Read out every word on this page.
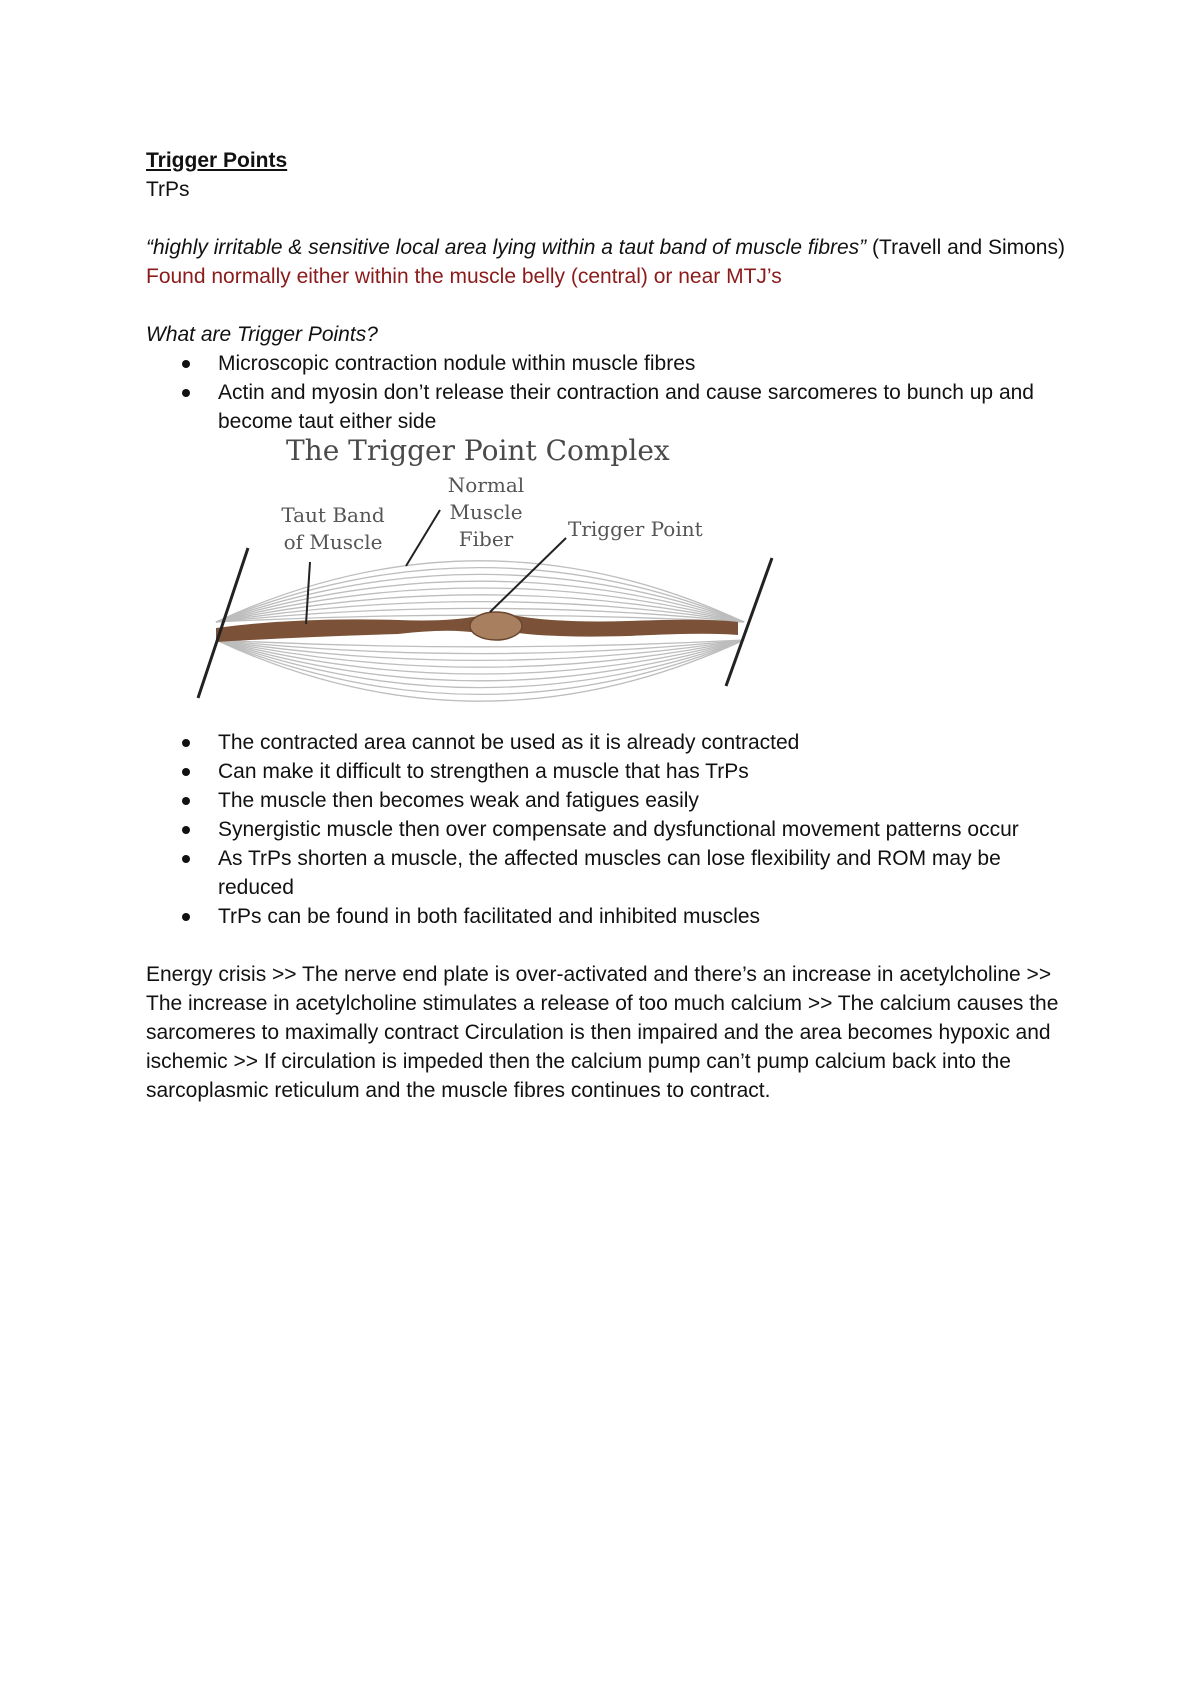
Trigger Points

TrPs

“highly irritable & sensitive local area lying within a taut band of muscle fibres” (Travell and Simons)

Found normally either within the muscle belly (central) or near MTJ’s

What are Trigger Points?

Microscopic contraction nodule within muscle fibres
Actin and myosin don’t release their contraction and cause sarcomeres to bunch up and become taut either side
The Trigger Point Complex
Taut Band of Muscle
Normal Muscle Fiber	Trigger Point
The contracted area cannot be used as it is already contracted
Can make it difficult to strengthen a muscle that has TrPs
The muscle then becomes weak and fatigues easily
Synergistic muscle then over compensate and dysfunctional movement patterns occur
As TrPs shorten a muscle, the affected muscles can lose flexibility and ROM may be reduced
TrPs can be found in both facilitated and inhibited muscles

Energy crisis >> The nerve end plate is over-activated and there’s an increase in acetylcholine >> The increase in acetylcholine stimulates a release of too much calcium >> The calcium causes the sarcomeres to maximally contract Circulation is then impaired and the area becomes hypoxic and ischemic >> If circulation is impeded then the calcium pump can’t pump calcium back into the sarcoplasmic reticulum and the muscle fibres continues to contract.
